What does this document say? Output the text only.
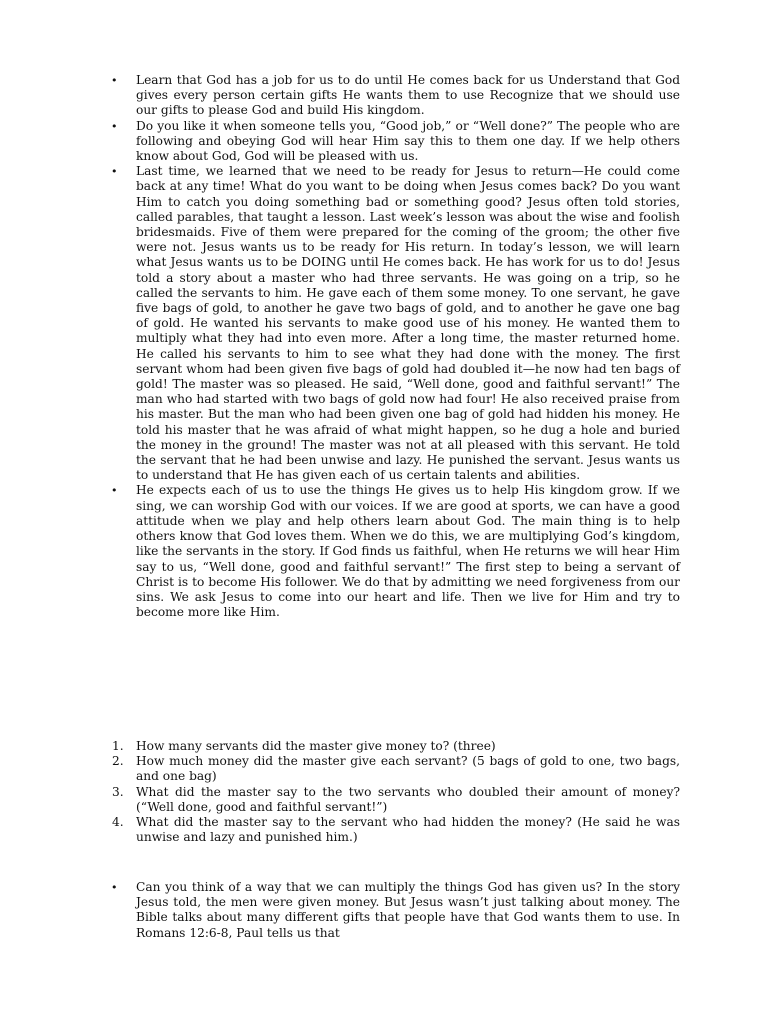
• Learn that God has a job for us to do until He comes back for us Understand that God gives every person certain gifts He wants them to use Recognize that we should use our gifts to please God and build His kingdom.
• Do you like it when someone tells you, “Good job,” or “Well done?” The people who are following and obeying God will hear Him say this to them one day. If we help others know about God, God will be pleased with us.
• Last time, we learned that we need to be ready for Jesus to return—He could come back at any time! What do you want to be doing when Jesus comes back? Do you want Him to catch you doing something bad or something good? Jesus often told stories, called parables, that taught a lesson. Last week’s lesson was about the wise and foolish bridesmaids. Five of them were prepared for the coming of the groom; the other five were not. Jesus wants us to be ready for His return. In today’s lesson, we will learn what Jesus wants us to be DOING until He comes back. He has work for us to do! Jesus told a story about a master who had three servants. He was going on a trip, so he called the servants to him. He gave each of them some money. To one servant, he gave five bags of gold, to another he gave two bags of gold, and to another he gave one bag of gold. He wanted his servants to make good use of his money. He wanted them to multiply what they had into even more. After a long time, the master returned home. He called his servants to him to see what they had done with the money. The first servant whom had been given five bags of gold had doubled it—he now had ten bags of gold! The master was so pleased. He said, “Well done, good and faithful servant!” The man who had started with two bags of gold now had four! He also received praise from his master. But the man who had been given one bag of gold had hidden his money. He told his master that he was afraid of what might happen, so he dug a hole and buried the money in the ground! The master was not at all pleased with this servant. He told the servant that he had been unwise and lazy. He punished the servant. Jesus wants us to understand that He has given each of us certain talents and abilities.
• He expects each of us to use the things He gives us to help His kingdom grow. If we sing, we can worship God with our voices. If we are good at sports, we can have a good attitude when we play and help others learn about God. The main thing is to help others know that God loves them. When we do this, we are multiplying God’s kingdom, like the servants in the story. If God finds us faithful, when He returns we will hear Him say to us, “Well done, good and faithful servant!” The first step to being a servant of Christ is to become His follower. We do that by admitting we need forgiveness from our sins. We ask Jesus to come into our heart and life. Then we live for Him and try to become more like Him.
1. How many servants did the master give money to? (three)
2. How much money did the master give each servant? (5 bags of gold to one, two bags, and one bag)
3. What did the master say to the two servants who doubled their amount of money? (“Well done, good and faithful servant!”)
4. What did the master say to the servant who had hidden the money? (He said he was unwise and lazy and punished him.)
• Can you think of a way that we can multiply the things God has given us? In the story Jesus told, the men were given money. But Jesus wasn’t just talking about money. The Bible talks about many different gifts that people have that God wants them to use. In Romans 12:6-8, Paul tells us that
